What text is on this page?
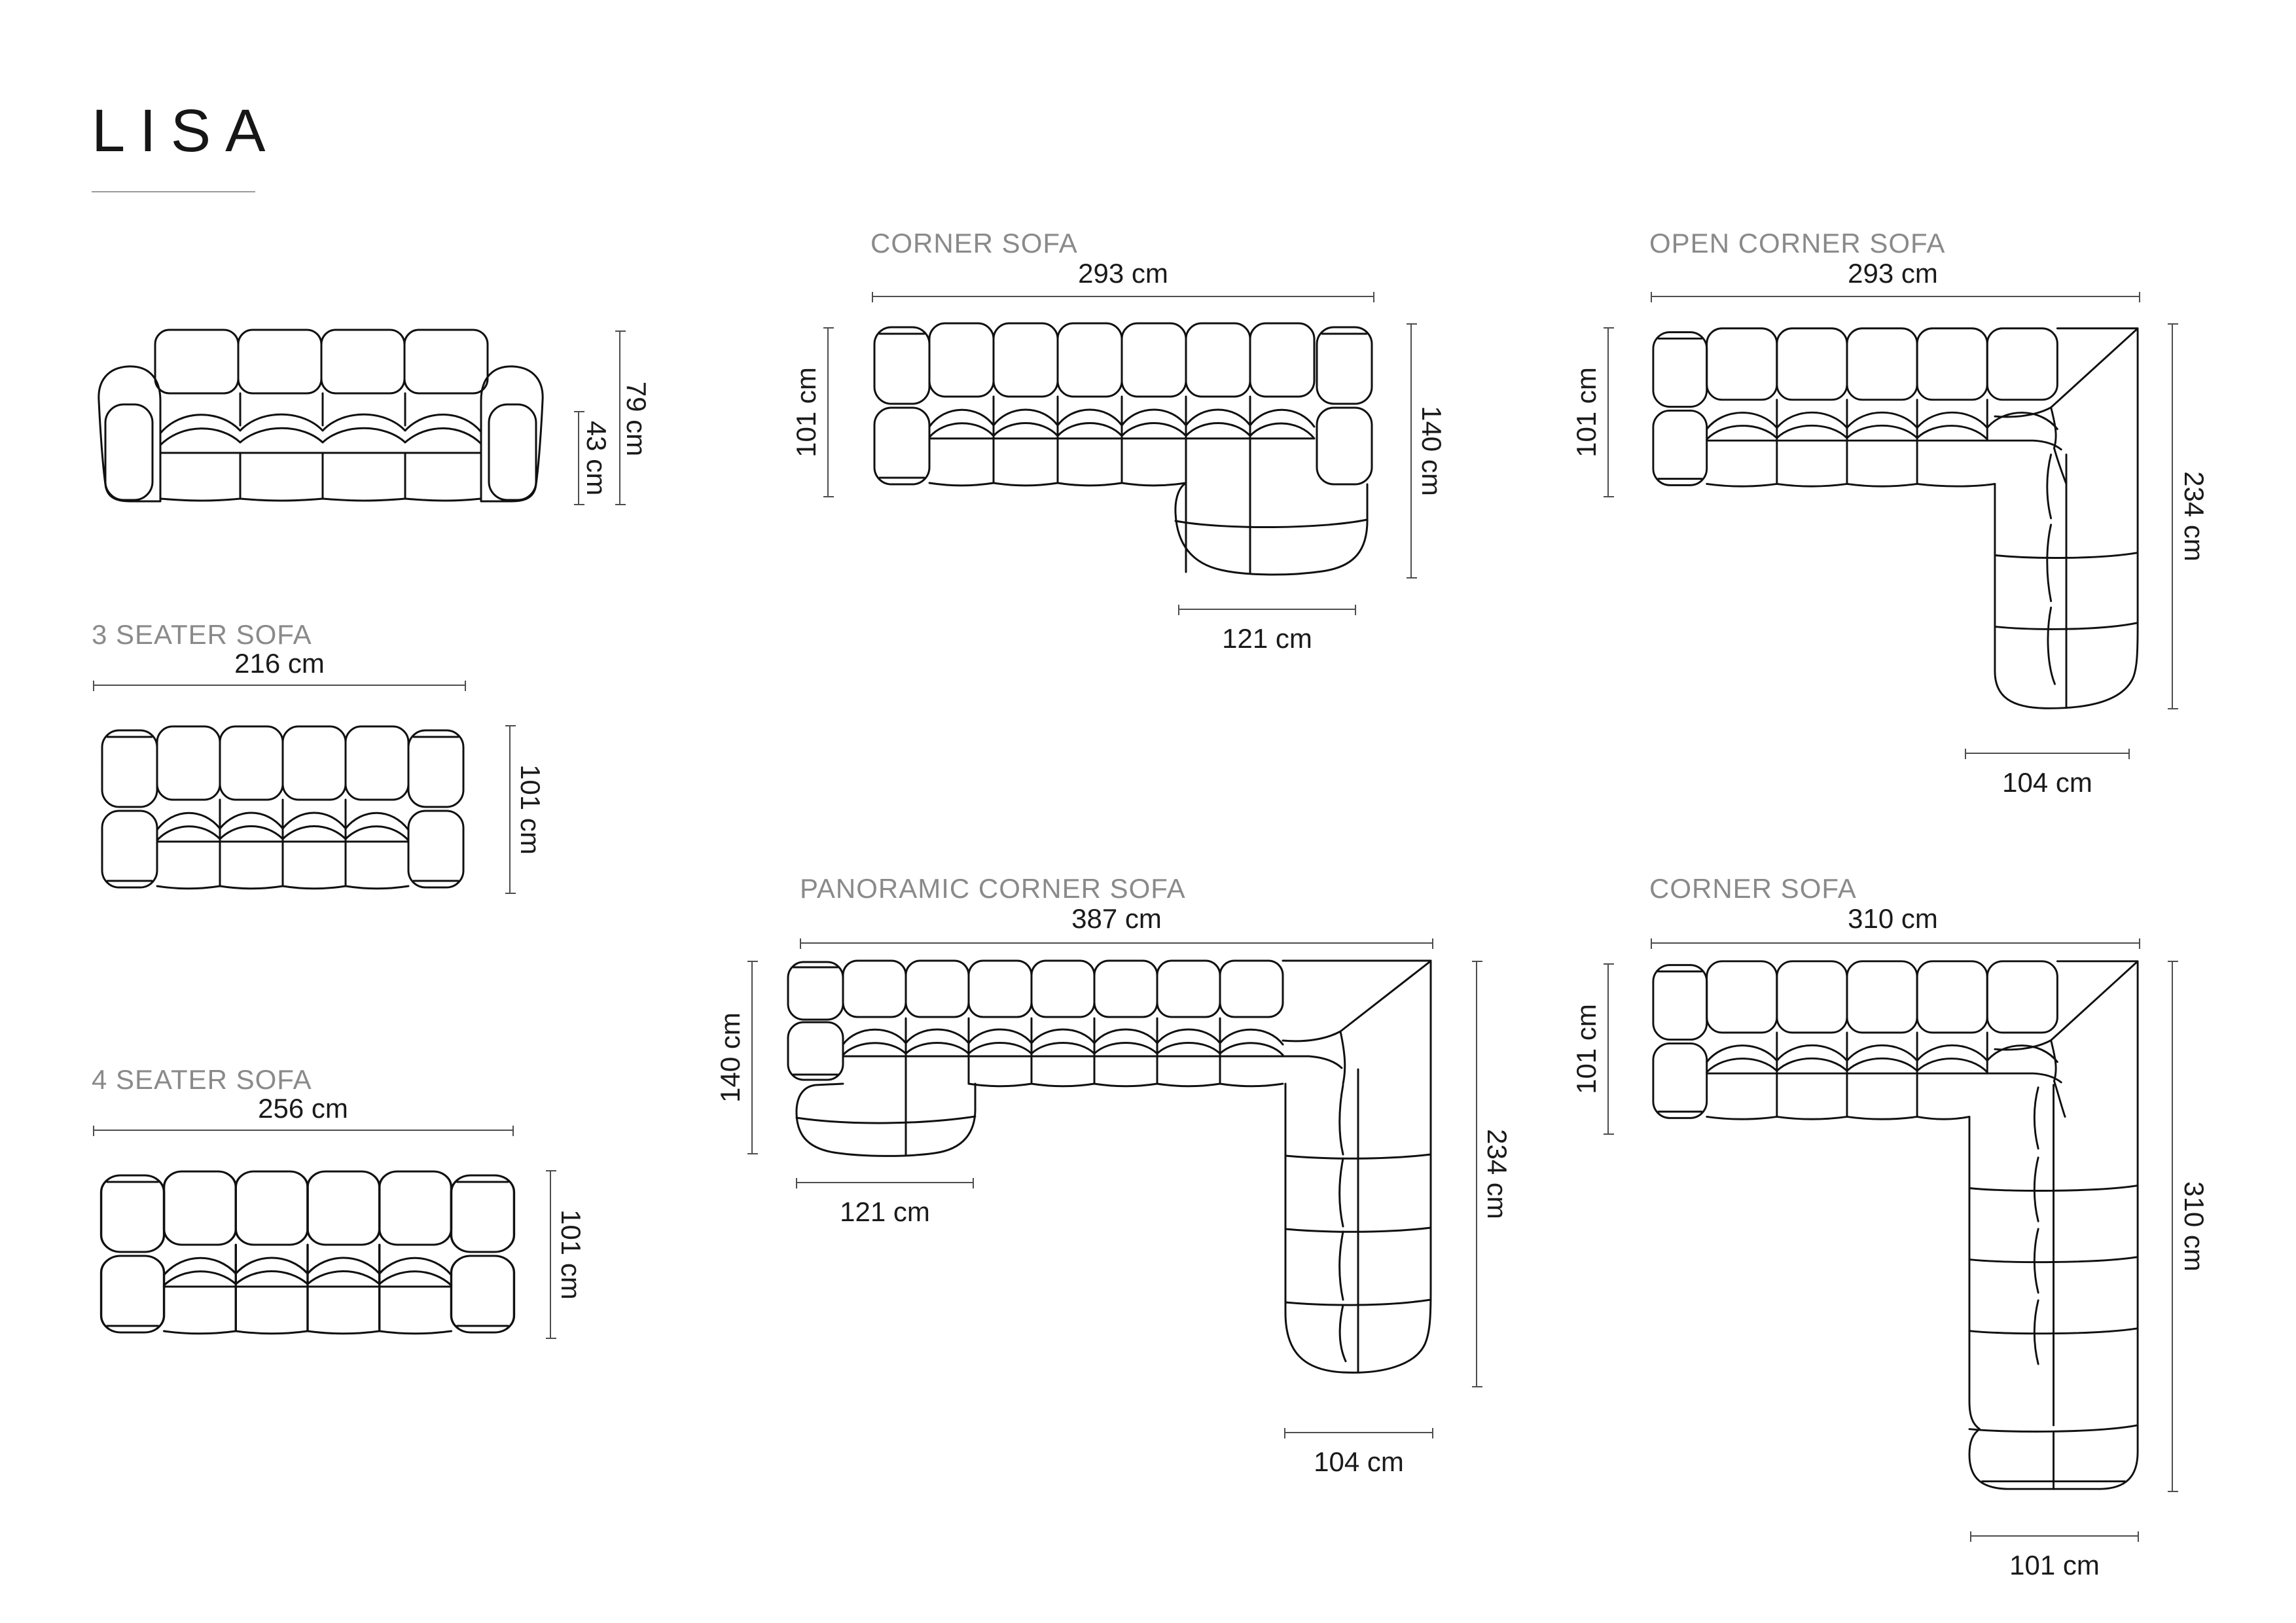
LISA
43 cm
79 cm
3 SEATER SOFA
216 cm
101 cm
4 SEATER SOFA
256 cm
101 cm
CORNER SOFA
293 cm
101 cm	140 cm
121 cm
PANORAMIC CORNER SOFA
387 cm
140 cm
234 cm
121 cm
104 cm
OPEN CORNER SOFA
293 cm
101 cm
234 cm
104 cm
CORNER SOFA
310 cm
101 cm
310 cm
101 cm
